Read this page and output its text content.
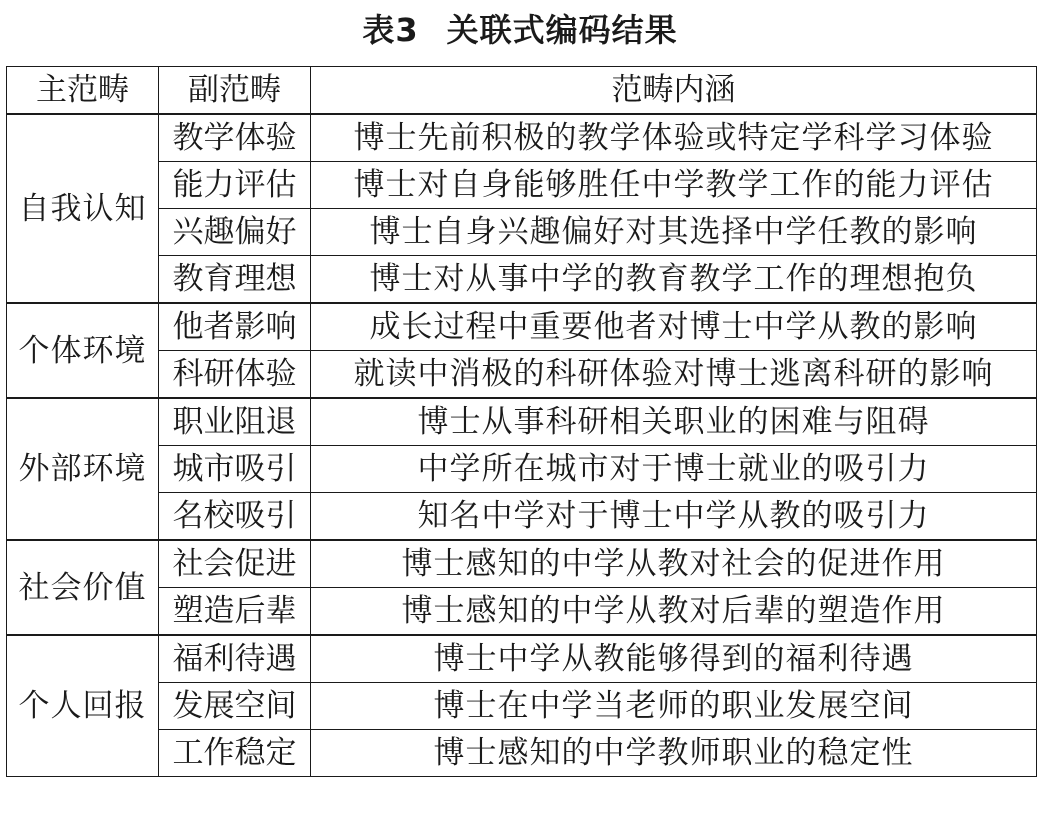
表3 关联式编码结果
主范畴	副范畴	范畴内涵
自我认知	教学体验	博士先前积极的教学体验或特定学科学习体验
	能力评估	博士对自身能够胜任中学教学工作的能力评估
	兴趣偏好	博士自身兴趣偏好对其选择中学任教的影响
	教育理想	博士对从事中学的教育教学工作的理想抱负
个体环境	他者影响	成长过程中重要他者对博士中学从教的影响
	科研体验	就读中消极的科研体验对博士逃离科研的影响
外部环境	职业阻退	博士从事科研相关职业的困难与阻碍
	城市吸引	中学所在城市对于博士就业的吸引力
	名校吸引	知名中学对于博士中学从教的吸引力
社会价值	社会促进	博士感知的中学从教对社会的促进作用
	塑造后辈	博士感知的中学从教对后辈的塑造作用
个人回报	福利待遇	博士中学从教能够得到的福利待遇
	发展空间	博士在中学当老师的职业发展空间
	工作稳定	博士感知的中学教师职业的稳定性
